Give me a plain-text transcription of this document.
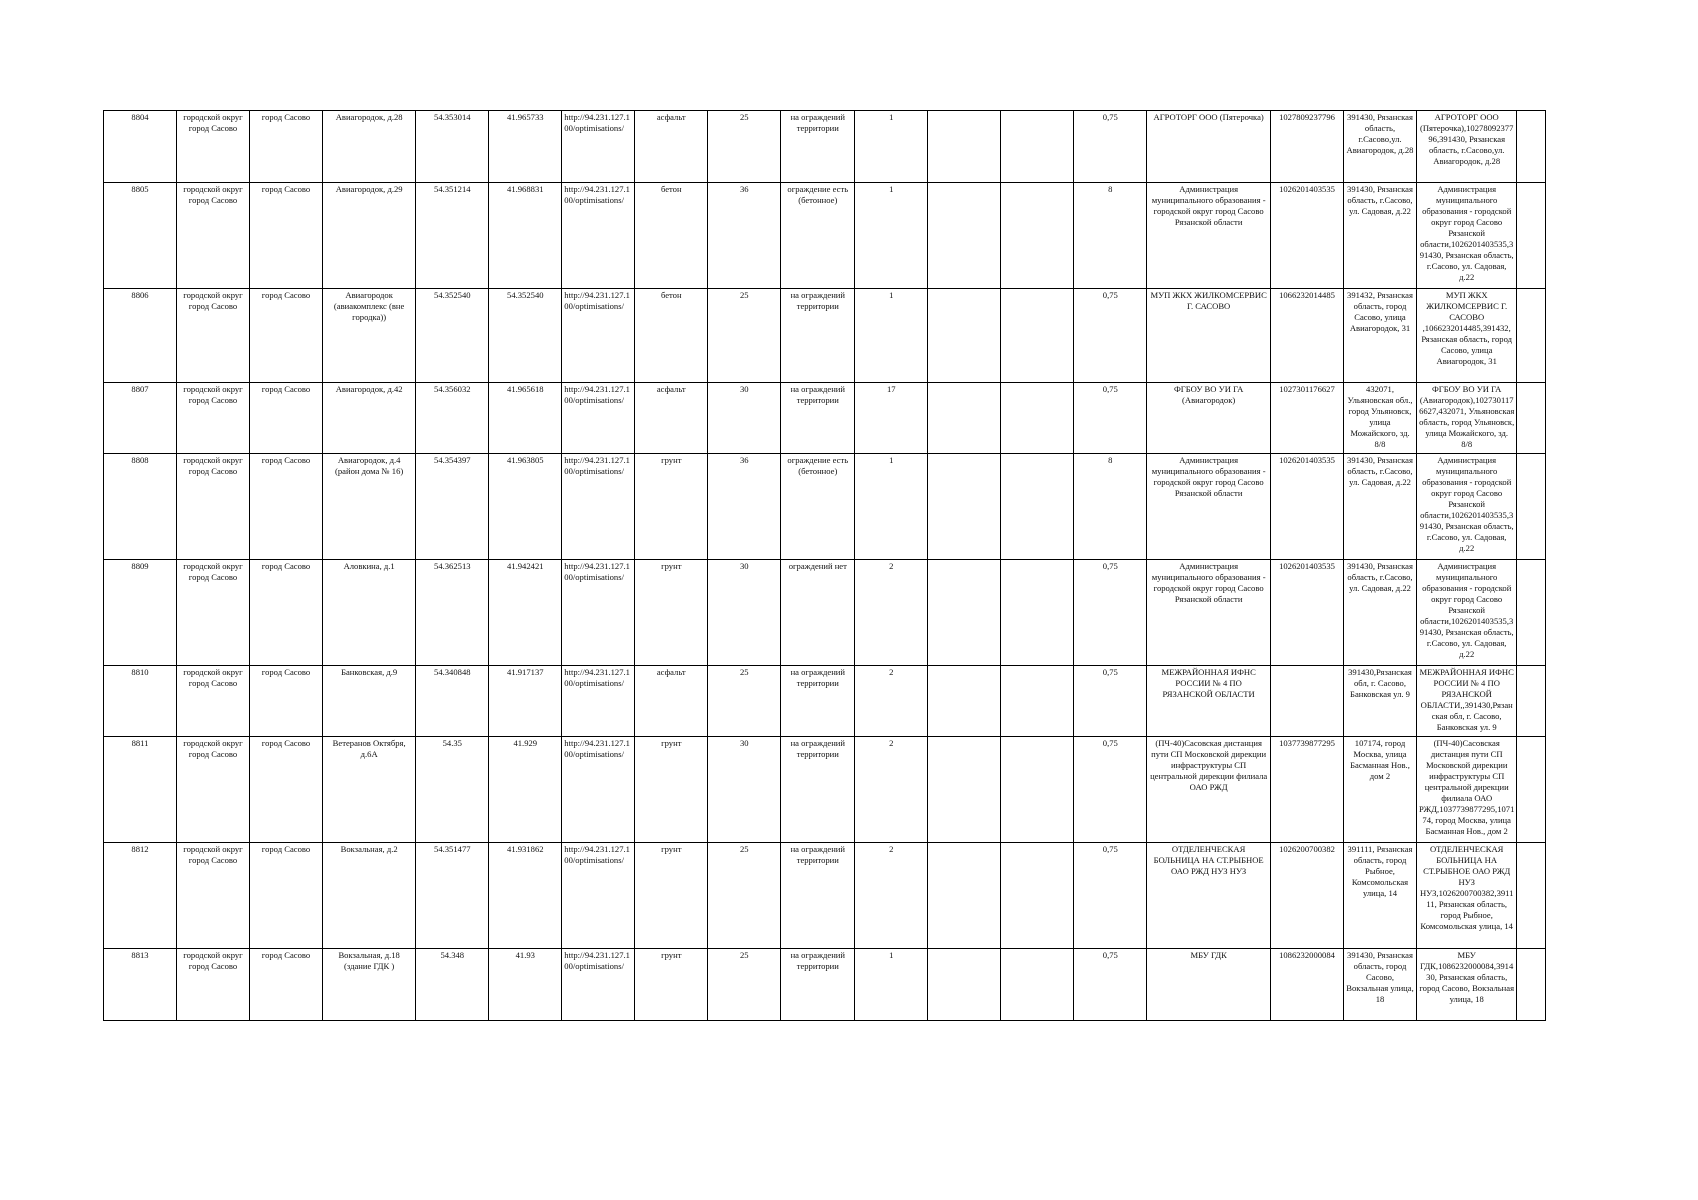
8804	городской округ город Сасово	город Сасово	Авиагородок, д.28	54.353014	41.965733	http://94.231.127.100/optimisations/	асфальт	25	на ограждений территории	1			0,75	АГРОТОРГ ООО (Пятерочка)	1027809237796	391430, Рязанская область, г.Сасово,ул. Авиагородок, д.28	АГРОТОРГ ООО (Пятерочка),1027809237796,391430, Рязанская область, г.Сасово,ул. Авиагородок, д.28	
8805	городской округ город Сасово	город Сасово	Авиагородок, д.29	54.351214	41.968831	http://94.231.127.100/optimisations/	бетон	36	ограждение есть (бетонное)	1			8	Администрация муниципального образования - городской округ город Сасово Рязанской области	1026201403535	391430, Рязанская область, г.Сасово, ул. Садовая, д.22	Администрация муниципального образования - городской округ город Сасово Рязанской области,1026201403535,391430, Рязанская область, г.Сасово, ул. Садовая, д.22	
8806	городской округ город Сасово	город Сасово	Авиагородок (авиакомплекс (вне городка))	54.352540	54.352540	http://94.231.127.100/optimisations/	бетон	25	на ограждений территории	1			0,75	МУП ЖКХ ЖИЛКОМСЕРВИС Г. САСОВО	1066232014485	391432, Рязанская область, город Сасово, улица Авиагородок, 31	МУП ЖКХ ЖИЛКОМСЕРВИС Г. САСОВО ,1066232014485,391432, Рязанская область, город Сасово, улица Авиагородок, 31	
8807	городской округ город Сасово	город Сасово	Авиагородок, д.42	54.356032	41.965618	http://94.231.127.100/optimisations/	асфальт	30	на ограждений территории	17			0,75	ФГБОУ ВО УИ ГА (Авиагородок)	1027301176627	432071, Ульяновская обл., город Ульяновск, улица Можайского, зд. 8/8	ФГБОУ ВО УИ ГА (Авиагородок),1027301176627,432071, Ульяновская область, город Ульяновск, улица Можайского, зд. 8/8	
8808	городской округ город Сасово	город Сасово	Авиагородок, д.4 (район дома № 16)	54.354397	41.963805	http://94.231.127.100/optimisations/	грунт	36	ограждение есть (бетонное)	1			8	Администрация муниципального образования - городской округ город Сасово Рязанской области	1026201403535	391430, Рязанская область, г.Сасово, ул. Садовая, д.22	Администрация муниципального образования - городской округ город Сасово Рязанской области,1026201403535,391430, Рязанская область, г.Сасово, ул. Садовая, д.22	
8809	городской округ город Сасово	город Сасово	Аловкина, д.1	54.362513	41.942421	http://94.231.127.100/optimisations/	грунт	30	ограждений нет	2			0,75	Администрация муниципального образования - городской округ город Сасово Рязанской области	1026201403535	391430, Рязанская область, г.Сасово, ул. Садовая, д.22	Администрация муниципального образования - городской округ город Сасово Рязанской области,1026201403535,391430, Рязанская область, г.Сасово, ул. Садовая, д.22	
8810	городской округ город Сасово	город Сасово	Банковская, д.9	54.340848	41.917137	http://94.231.127.100/optimisations/	асфальт	25	на ограждений территории	2			0,75	МЕЖРАЙОННАЯ ИФНС РОССИИ № 4 ПО РЯЗАНСКОЙ ОБЛАСТИ		391430,Рязанская обл, г. Сасово, Банковская ул. 9	МЕЖРАЙОННАЯ ИФНС РОССИИ № 4 ПО РЯЗАНСКОЙ ОБЛАСТИ,,391430,Рязанская обл, г. Сасово, Банковская ул. 9	
8811	городской округ город Сасово	город Сасово	Ветеранов Октября, д.6А	54.35	41.929	http://94.231.127.100/optimisations/	грунт	30	на ограждений территории	2			0,75	(ПЧ-40)Сасовская дистанция пути СП Московской дирекции инфраструктуры СП центральной дирекции филиала ОАО РЖД	1037739877295	107174, город Москва, улица Басманная Нов., дом 2	(ПЧ-40)Сасовская дистанция пути СП Московской дирекции инфраструктуры СП центральной дирекции филиала ОАО РЖД,1037739877295,107174, город Москва, улица Басманная Нов., дом 2	
8812	городской округ город Сасово	город Сасово	Вокзальная, д.2	54.351477	41.931862	http://94.231.127.100/optimisations/	грунт	25	на ограждений территории	2			0,75	ОТДЕЛЕНЧЕСКАЯ БОЛЬНИЦА НА СТ.РЫБНОЕ ОАО РЖД НУЗ НУЗ	1026200700382	391111, Рязанская область, город Рыбное, Комсомольская улица, 14	ОТДЕЛЕНЧЕСКАЯ БОЛЬНИЦА НА СТ.РЫБНОЕ ОАО РЖД НУЗ НУЗ,1026200700382,391111, Рязанская область, город Рыбное, Комсомольская улица, 14	
8813	городской округ город Сасово	город Сасово	Вокзальная, д.18 (здание ГДК )	54.348	41.93	http://94.231.127.100/optimisations/	грунт	25	на ограждений территории	1			0,75	МБУ ГДК	1086232000084	391430, Рязанская область, город Сасово, Вокзальная улица, 18	МБУ ГДК,1086232000084,391430, Рязанская область, город Сасово, Вокзальная улица, 18	
